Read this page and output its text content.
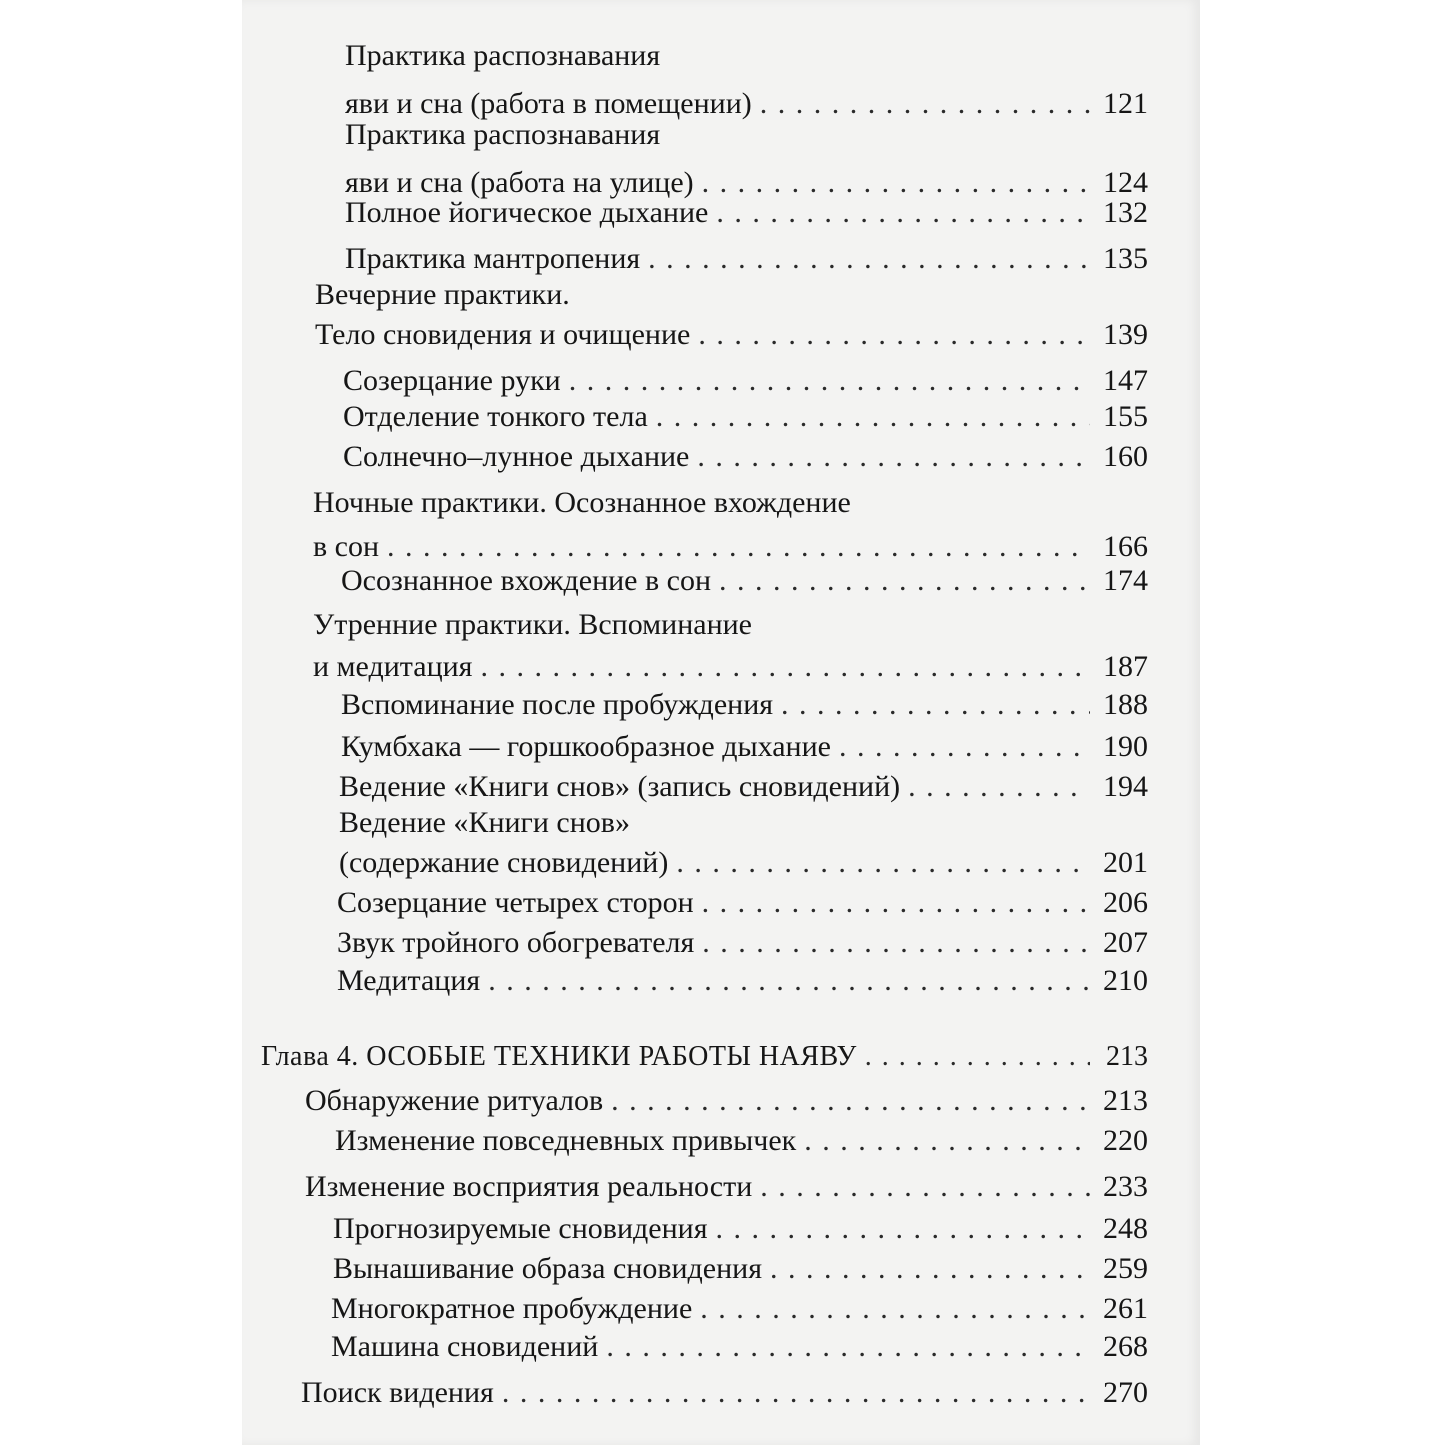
Практика распознавания
яви и сна (работа в помещении) . . .	121
Практика распознавания
яви и сна (работа на улице) . . .	124
Полное йогическое дыхание . . .	132
Практика мантропения . . .	135
Вечерние практики.
Тело сновидения и очищение . . .	139
Созерцание руки . . .	147
Отделение тонкого тела . . .	155
Солнечно–лунное дыхание . . .	160
Ночные практики. Осознанное вхождение
в сон . . .	166
Осознанное вхождение в сон . . .	174
Утренние практики. Вспоминание
и медитация . . .	187
Вспоминание после пробуждения . . .	188
Кумбхака — горшкообразное дыхание . . .	190
Ведение «Книги снов» (запись сновидений) . . .	194
Ведение «Книги снов»
(содержание сновидений) . . .	201
Созерцание четырех сторон . . .	206
Звук тройного обогревателя . . .	207
Медитация . . .	210
Глава 4. ОСОБЫЕ ТЕХНИКИ РАБОТЫ НАЯВУ . . .	213
Обнаружение ритуалов . . .	213
Изменение повседневных привычек . . .	220
Изменение восприятия реальности . . .	233
Прогнозируемые сновидения . . .	248
Вынашивание образа сновидения . . .	259
Многократное пробуждение . . .	261
Машина сновидений . . .	268
Поиск видения . . .	270
